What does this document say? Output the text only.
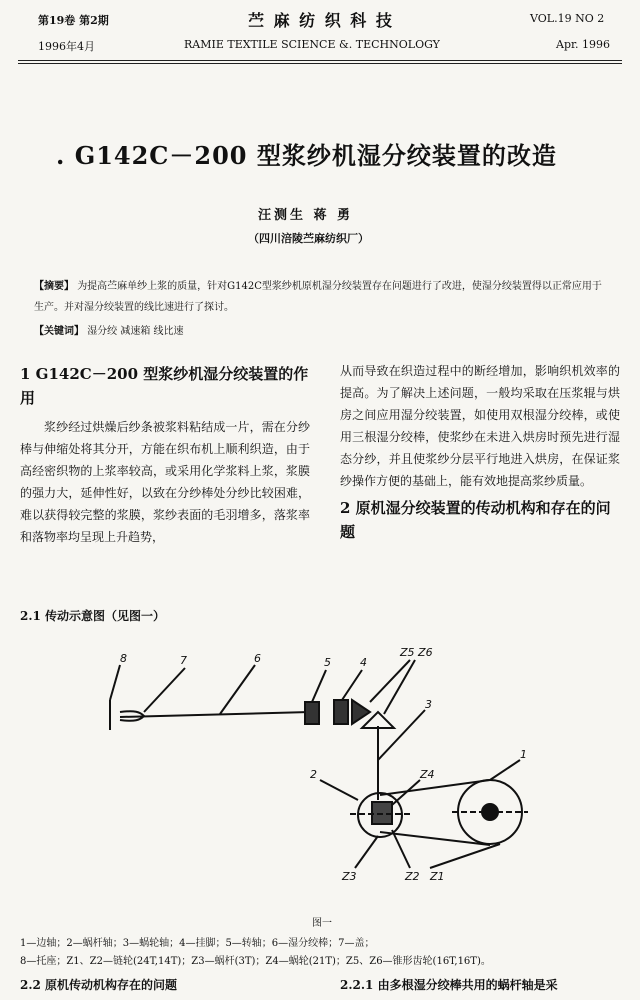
第19卷 第2期
1996年4月
苎 麻 纺 织 科 技
RAMIE TEXTILE SCIENCE &. TECHNOLOGY
VOL.19 NO 2
Apr. 1996
. G142C－200 型浆纱机湿分绞装置的改造
汪测生 蒋 勇
（四川涪陵苎麻纺织厂）
【摘要】 为提高苎麻单纱上浆的质量，针对G142C型浆纱机原机湿分绞装置存在问题进行了改进，使湿分绞装置得以正常应用于生产。并对湿分绞装置的线比速进行了探讨。
【关键词】 湿分绞 减速箱 线比速
1 G142C－200 型浆纱机湿分绞装置的作用
浆纱经过烘燥后纱条被浆料粘结成一片，需在分纱棒与伸缩处将其分开，方能在织布机上顺利织造，由于高经密织物的上浆率较高，或采用化学浆料上浆，浆膜的强力大，延伸性好，以致在分纱棒处分纱比较困难，难以获得较完整的浆膜，浆纱表面的毛羽增多，落浆率和落物率均呈现上升趋势，
从而导致在织造过程中的断经增加，影响织机效率的提高。为了解决上述问题，一般均采取在压浆辊与烘房之间应用湿分绞装置，如使用双根湿分绞棒，或使用三根湿分绞棒，使浆纱在未进入烘房时预先进行湿态分纱，并且使浆纱分层平行地进入烘房，在保证浆纱操作方便的基础上，能有效地提高浆纱质量。
2 原机湿分绞装置的传动机构和存在的问题
2.1 传动示意图（见图一）
8	7	6	5	4
Z5 Z6
3
2	Z4
1
Z3	Z2 Z1
图一
1—边轴；2—蜗杆轴；3—蜗轮轴；4—挂脚；5—转轴；6—湿分绞棒；7—盖；
8—托座；Z1、Z2—链轮(24T,14T)；Z3—蜗杆(3T)；Z4—蜗轮(21T)；Z5、Z6—锥形齿轮(16T,16T)。
2.2 原机传动机构存在的问题	2.2.1 由多根湿分绞棒共用的蜗杆轴是采
